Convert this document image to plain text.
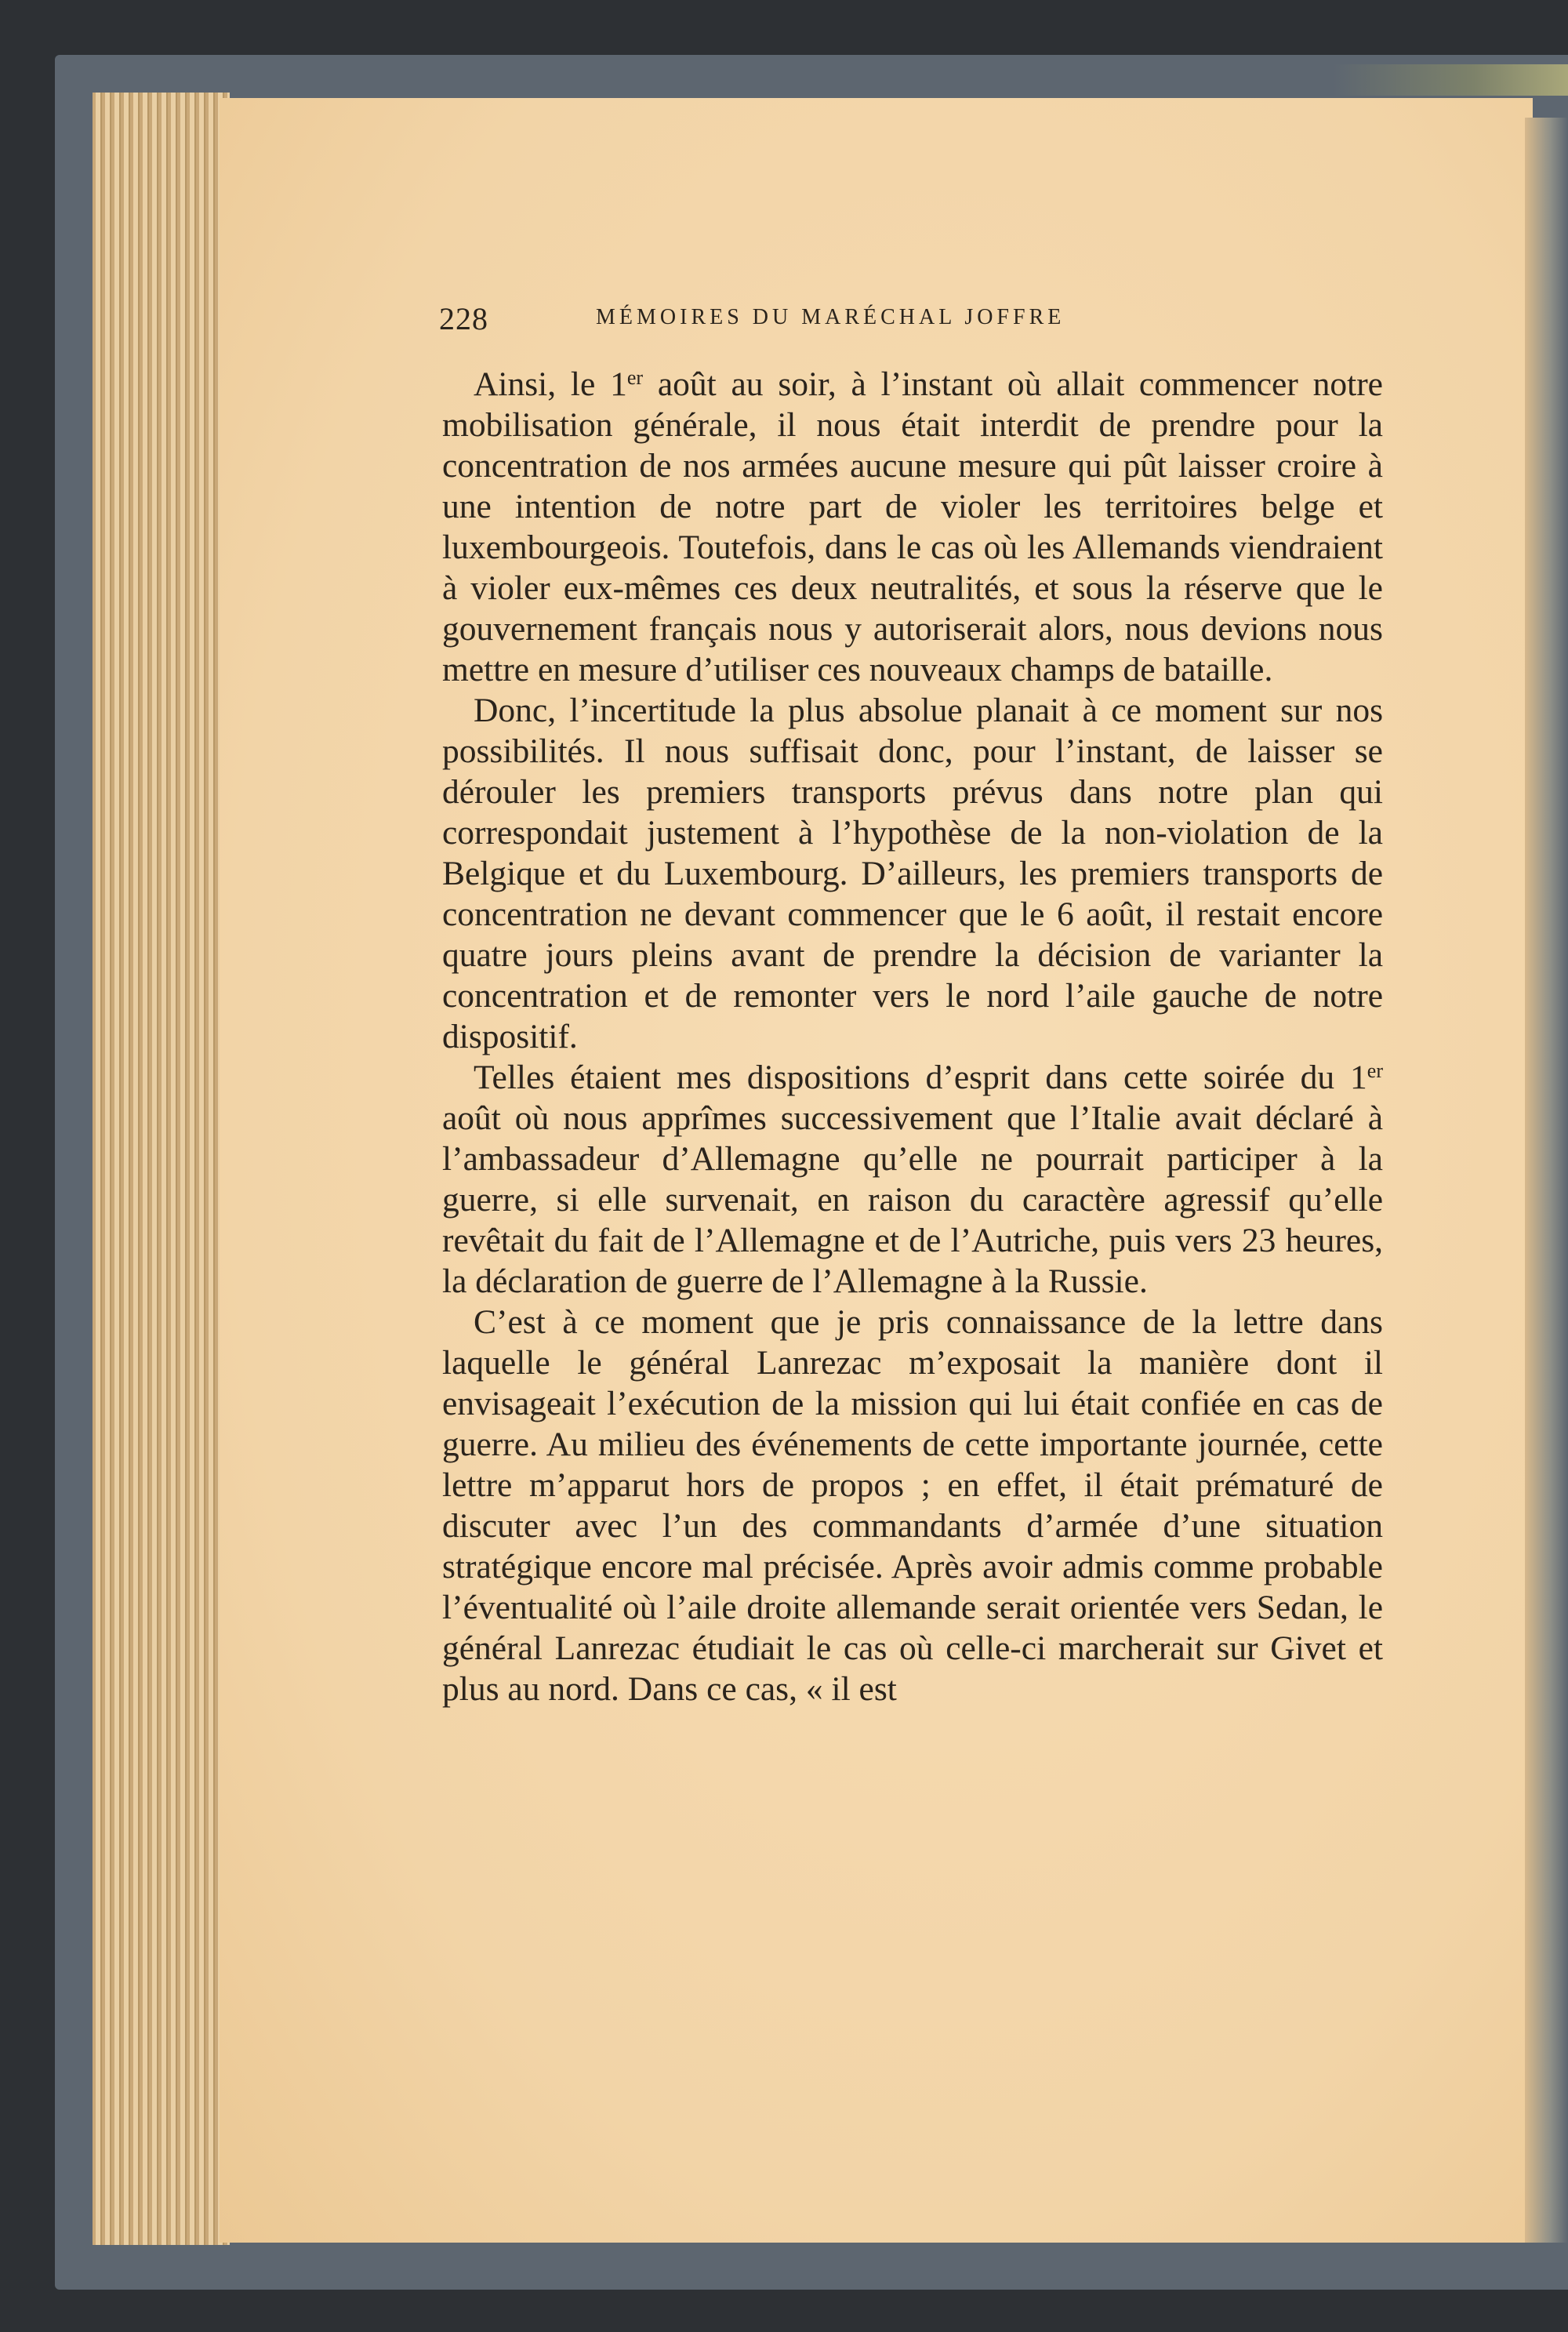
228	MÉMOIRES DU MARÉCHAL JOFFRE

Ainsi, le 1er août au soir, à l’instant où allait commencer notre mobilisation générale, il nous était interdit de prendre pour la concentration de nos armées aucune mesure qui pût laisser croire à une intention de notre part de violer les territoires belge et luxembourgeois. Toutefois, dans le cas où les Allemands viendraient à violer eux-mêmes ces deux neutralités, et sous la réserve que le gouvernement français nous y autoriserait alors, nous devions nous mettre en mesure d’utiliser ces nouveaux champs de bataille.

Donc, l’incertitude la plus absolue planait à ce moment sur nos possibilités. Il nous suffisait donc, pour l’instant, de laisser se dérouler les premiers transports prévus dans notre plan qui correspondait justement à l’hypothèse de la non-violation de la Belgique et du Luxembourg. D’ailleurs, les premiers transports de concentration ne devant commencer que le 6 août, il restait encore quatre jours pleins avant de prendre la décision de varianter la concentration et de remonter vers le nord l’aile gauche de notre dispositif.

Telles étaient mes dispositions d’esprit dans cette soirée du 1er août où nous apprîmes successivement que l’Italie avait déclaré à l’ambassadeur d’Allemagne qu’elle ne pourrait participer à la guerre, si elle survenait, en raison du caractère agressif qu’elle revêtait du fait de l’Allemagne et de l’Autriche, puis vers 23 heures, la déclaration de guerre de l’Allemagne à la Russie.

C’est à ce moment que je pris connaissance de la lettre dans laquelle le général Lanrezac m’exposait la manière dont il envisageait l’exécution de la mission qui lui était confiée en cas de guerre. Au milieu des événements de cette importante journée, cette lettre m’apparut hors de propos ; en effet, il était prématuré de discuter avec l’un des commandants d’armée d’une situation stratégique encore mal précisée. Après avoir admis comme probable l’éventualité où l’aile droite allemande serait orientée vers Sedan, le général Lanrezac étudiait le cas où celle-ci marcherait sur Givet et plus au nord. Dans ce cas, « il est
